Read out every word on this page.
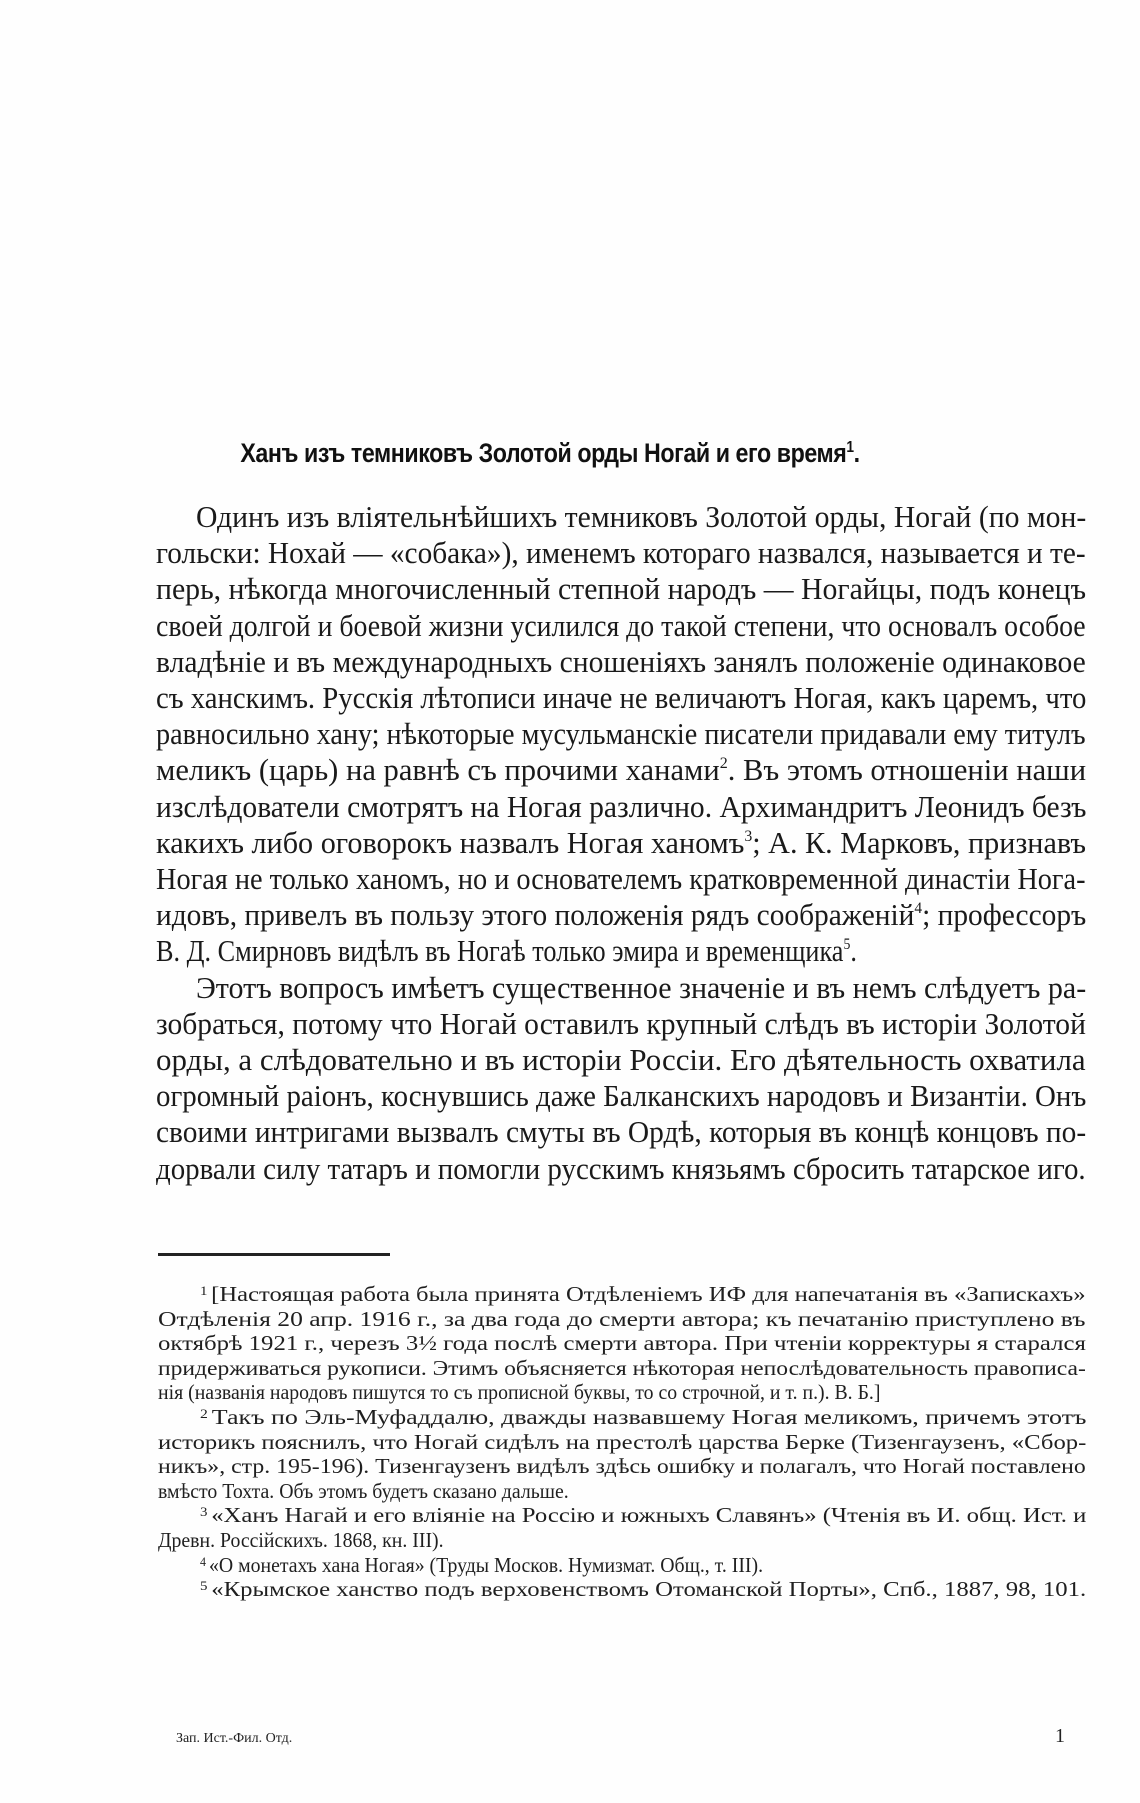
Ханъ изъ темниковъ Золотой орды Ногай и его время$^1$.
Одинъ изъ вліятельнѣйшихъ темниковъ Золотой орды, Ногай (по мон-
гольски: Нохай — «собака»), именемъ котораго назвался, называется и те-
перь, нѣкогда многочисленный степной народъ — Ногайцы, подъ конецъ
своей долгой и боевой жизни усилился до такой степени, что основалъ особое
владѣніе и въ международныхъ сношеніяхъ занялъ положеніе одинаковое
съ ханскимъ. Русскія лѣтописи иначе не величаютъ Ногая, какъ царемъ, что
равносильно хану; нѣкоторые мусульманскіе писатели придавали ему титулъ
меликъ (царь) на равнѣ съ прочими ханами$^2$. Въ этомъ отношеніи наши
изслѣдователи смотрятъ на Ногая различно. Архимандритъ Леонидъ безъ
какихъ либо оговорокъ назвалъ Ногая ханомъ$^3$; А. К. Марковъ, признавъ
Ногая не только ханомъ, но и основателемъ кратковременной династіи Нога-
идовъ, привелъ въ пользу этого положенія рядъ соображеній$^4$; профессоръ
В. Д. Смирновъ видѣлъ въ Ногаѣ только эмира и временщика$^5$.
Этотъ вопросъ имѣетъ существенное значеніе и въ немъ слѣдуетъ ра-
зобраться, потому что Ногай оставилъ крупный слѣдъ въ исторіи Золотой
орды, а слѣдовательно и въ исторіи Россіи. Его дѣятельность охватила
огромный раіонъ, коснувшись даже Балканскихъ народовъ и Византіи. Онъ
своими интригами вызвалъ смуты въ Ордѣ, которыя въ концѣ концовъ по-
дорвали силу татаръ и помогли русскимъ князьямъ сбросить татарское иго.
$^1$ [Настоящая работа была принята Отдѣленіемъ ИФ для напечатанія въ «Запискахъ»
Отдѣленія 20 апр. 1916 г., за два года до смерти автора; къ печатанію приступлено въ
октябрѣ 1921 г., черезъ 3½ года послѣ смерти автора. При чтеніи корректуры я старался
придерживаться рукописи. Этимъ объясняется нѣкоторая непослѣдовательность правописа-
нія (названія народовъ пишутся то съ прописной буквы, то со строчной, и т. п.). В. Б.]
$^2$ Такъ по Эль-Муфаддалю, дважды назвавшему Ногая меликомъ, причемъ этотъ
историкъ пояснилъ, что Ногай сидѣлъ на престолѣ царства Берке (Тизенгаузенъ, «Сбор-
никъ», стр. 195-196). Тизенгаузенъ видѣлъ здѣсь ошибку и полагалъ, что Ногай поставлено
вмѣсто Тохта. Объ этомъ будетъ сказано дальше.
$^3$ «Ханъ Нагай и его вліяніе на Россію и южныхъ Славянъ» (Чтенія въ И. общ. Ист. и
Древн. Россійскихъ. 1868, кн. III).
$^4$ «О монетахъ хана Ногая» (Труды Москов. Нумизмат. Общ., т. III).
$^5$ «Крымское ханство подъ верховенствомъ Отоманской Порты», Спб., 1887, 98, 101.
Зап. Ист.-Фил. Отд.	1
